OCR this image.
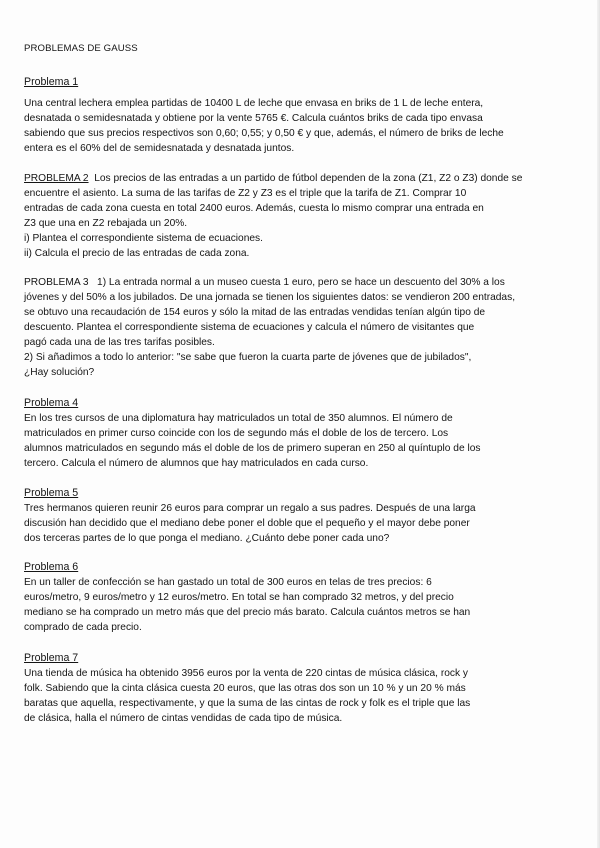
PROBLEMAS DE GAUSS
Problema 1
Una central lechera emplea partidas de 10400 L de leche que envasa en briks de 1 L de leche entera,
desnatada o semidesnatada y obtiene por la vente 5765 €. Calcula cuántos briks de cada tipo envasa
sabiendo que sus precios respectivos son 0,60; 0,55; y 0,50 € y que, además, el número de briks de leche
entera es el 60% del de semidesnatada y desnatada juntos.
PROBLEMA 2 Los precios de las entradas a un partido de fútbol dependen de la zona (Z1, Z2 o Z3) donde se
encuentre el asiento. La suma de las tarifas de Z2 y Z3 es el triple que la tarifa de Z1. Comprar 10
entradas de cada zona cuesta en total 2400 euros. Además, cuesta lo mismo comprar una entrada en
Z3 que una en Z2 rebajada un 20%.
i) Plantea el correspondiente sistema de ecuaciones.
ii) Calcula el precio de las entradas de cada zona.
PROBLEMA 3 1) La entrada normal a un museo cuesta 1 euro, pero se hace un descuento del 30% a los
jóvenes y del 50% a los jubilados. De una jornada se tienen los siguientes datos: se vendieron 200 entradas,
se obtuvo una recaudación de 154 euros y sólo la mitad de las entradas vendidas tenían algún tipo de
descuento. Plantea el correspondiente sistema de ecuaciones y calcula el número de visitantes que
pagó cada una de las tres tarifas posibles.
2) Si añadimos a todo lo anterior: "se sabe que fueron la cuarta parte de jóvenes que de jubilados",
¿Hay solución?
Problema 4
En los tres cursos de una diplomatura hay matriculados un total de 350 alumnos. El número de
matriculados en primer curso coincide con los de segundo más el doble de los de tercero. Los
alumnos matriculados en segundo más el doble de los de primero superan en 250 al quíntuplo de los
tercero. Calcula el número de alumnos que hay matriculados en cada curso.
Problema 5
Tres hermanos quieren reunir 26 euros para comprar un regalo a sus padres. Después de una larga
discusión han decidido que el mediano debe poner el doble que el pequeño y el mayor debe poner
dos terceras partes de lo que ponga el mediano. ¿Cuánto debe poner cada uno?
Problema 6
En un taller de confección se han gastado un total de 300 euros en telas de tres precios: 6
euros/metro, 9 euros/metro y 12 euros/metro. En total se han comprado 32 metros, y del precio
mediano se ha comprado un metro más que del precio más barato. Calcula cuántos metros se han
comprado de cada precio.
Problema 7
Una tienda de música ha obtenido 3956 euros por la venta de 220 cintas de música clásica, rock y
folk. Sabiendo que la cinta clásica cuesta 20 euros, que las otras dos son un 10 % y un 20 % más
baratas que aquella, respectivamente, y que la suma de las cintas de rock y folk es el triple que las
de clásica, halla el número de cintas vendidas de cada tipo de música.
